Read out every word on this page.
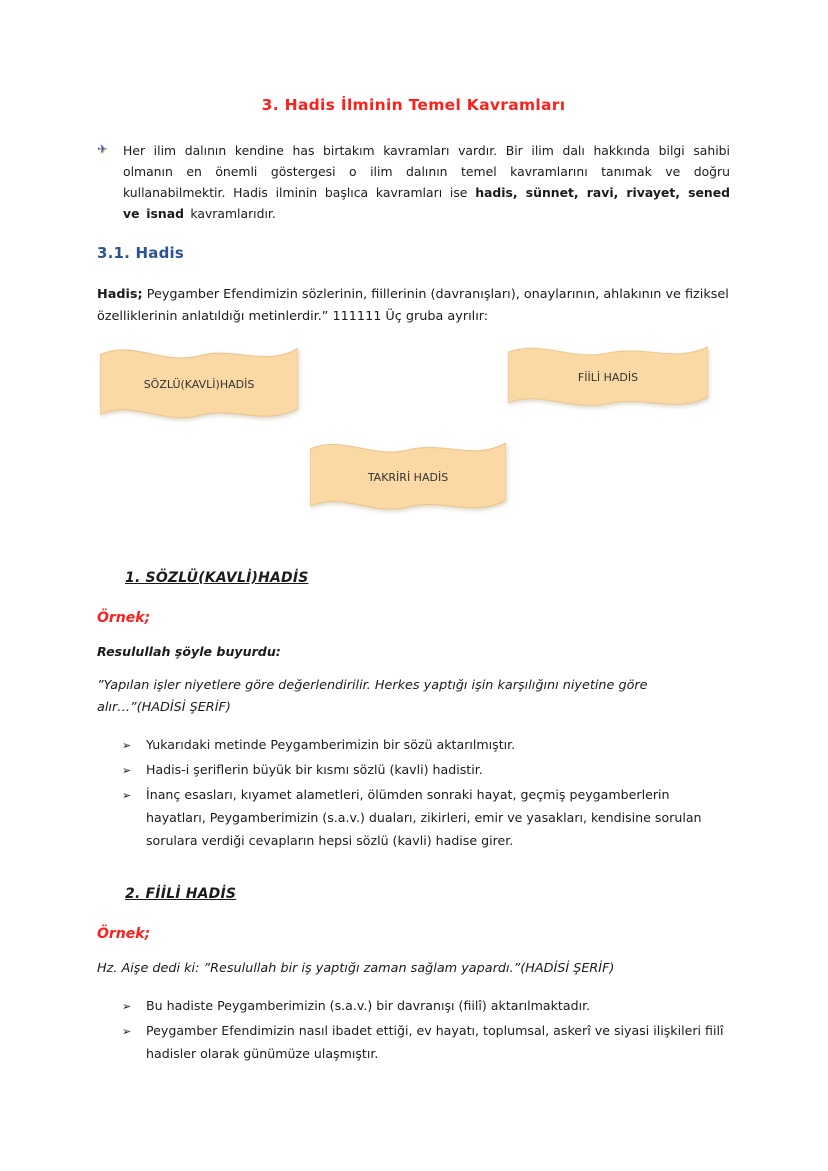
3. Hadis İlminin Temel Kavramları
✈	Her ilim dalının kendine has birtakım kavramları vardır. Bir ilim dalı hakkında bilgi sahibi olmanın en önemli göstergesi o ilim dalının temel kavramlarını tanımak ve doğru kullanabilmektir. Hadis ilminin başlıca kavramları ise hadis, sünnet, ravi, rivayet, sened ve isnad kavramlarıdır.

3.1. Hadis

Hadis; Peygamber Efendimizin sözlerinin, fiillerinin (davranışları), onaylarının, ahlakının ve fiziksel özelliklerinin anlatıldığı metinlerdir.” 111111 Üç gruba ayrılır:

SÖZLÜ(KAVLİ)HADİS
FİİLİ HADİS
TAKRİRİ HADİS
1. SÖZLÜ(KAVLİ)HADİS

Örnek;

Resulullah şöyle buyurdu:

”Yapılan işler niyetlere göre değerlendirilir. Herkes yaptığı işin karşılığını niyetine göre alır…”(HADİSİ ŞERİF)

➢	Yukarıdaki metinde Peygamberimizin bir sözü aktarılmıştır.
➢	Hadis-i şeriflerin büyük bir kısmı sözlü (kavli) hadistir.
➢	İnanç esasları, kıyamet alametleri, ölümden sonraki hayat, geçmiş peygamberlerin hayatları, Peygamberimizin (s.a.v.) duaları, zikirleri, emir ve yasakları, kendisine sorulan sorulara verdiği cevapların hepsi sözlü (kavli) hadise girer.
2. FİİLİ HADİS

Örnek;

Hz. Aişe dedi ki: ”Resulullah bir iş yaptığı zaman sağlam yapardı.”(HADİSİ ŞERİF)

➢	Bu hadiste Peygamberimizin (s.a.v.) bir davranışı (fiilî) aktarılmaktadır.
➢	Peygamber Efendimizin nasıl ibadet ettiği, ev hayatı, toplumsal, askerî ve siyasi ilişkileri fiilî hadisler olarak günümüze ulaşmıştır.
